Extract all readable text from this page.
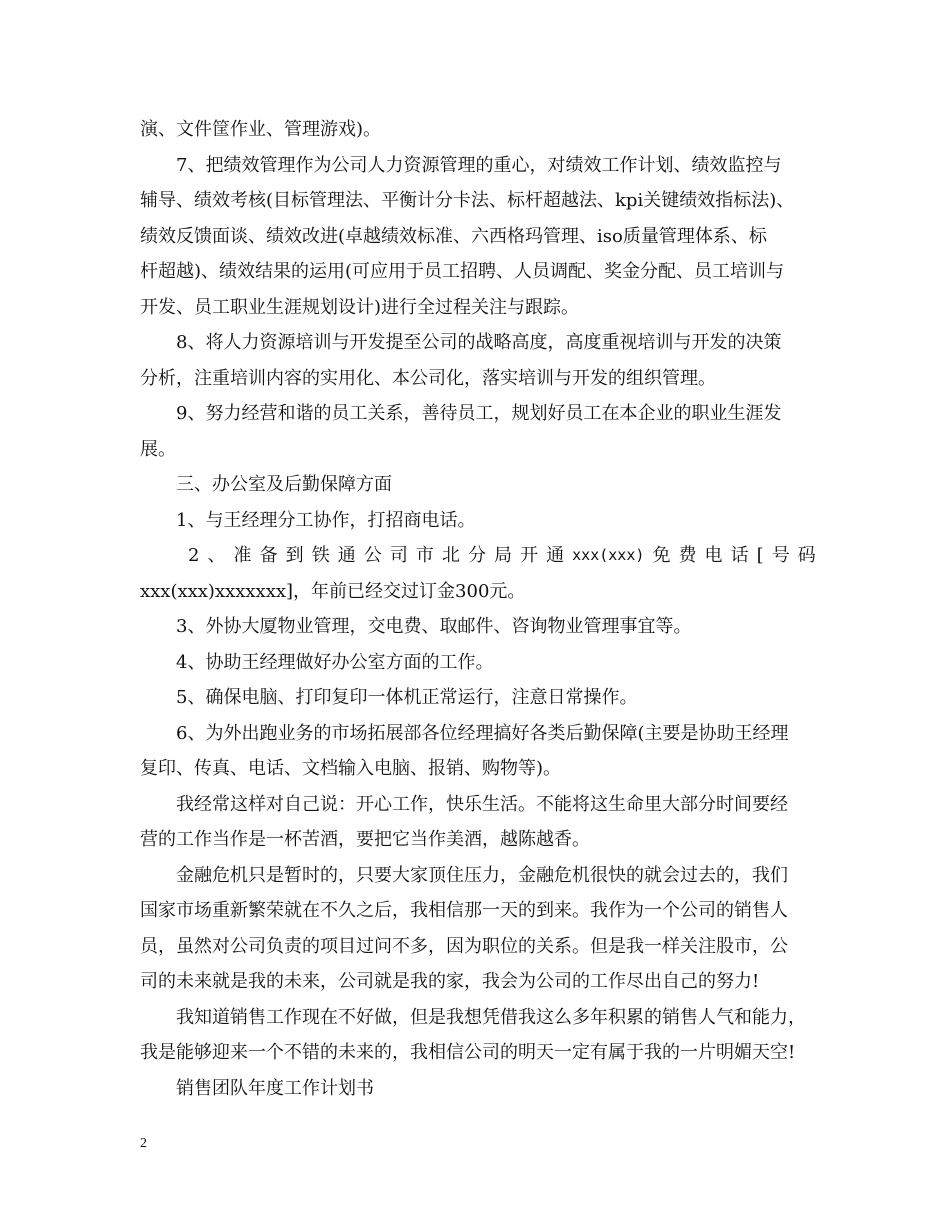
演、文件筐作业、管理游戏)。
7、把绩效管理作为公司人力资源管理的重心，对绩效工作计划、绩效监控与
辅导、绩效考核(目标管理法、平衡计分卡法、标杆超越法、kpi关键绩效指标法)、
绩效反馈面谈、绩效改进(卓越绩效标准、六西格玛管理、iso质量管理体系、标
杆超越)、绩效结果的运用(可应用于员工招聘、人员调配、奖金分配、员工培训与
开发、员工职业生涯规划设计)进行全过程关注与跟踪。
8、将人力资源培训与开发提至公司的战略高度，高度重视培训与开发的决策
分析，注重培训内容的实用化、本公司化，落实培训与开发的组织管理。
9、努力经营和谐的员工关系，善待员工，规划好员工在本企业的职业生涯发
展。
三、办公室及后勤保障方面
1、与王经理分工协作，打招商电话。
2 、 准 备 到 铁 通 公 司 市 北 分 局 开 通 xxx(xxx) 免 费 电 话 [ 号 码
xxx(xxx)xxxxxxx]，年前已经交过订金300元。
3、外协大厦物业管理，交电费、取邮件、咨询物业管理事宜等。
4、协助王经理做好办公室方面的工作。
5、确保电脑、打印复印一体机正常运行，注意日常操作。
6、为外出跑业务的市场拓展部各位经理搞好各类后勤保障(主要是协助王经理
复印、传真、电话、文档输入电脑、报销、购物等)。
我经常这样对自己说：开心工作，快乐生活。不能将这生命里大部分时间要经
营的工作当作是一杯苦酒，要把它当作美酒，越陈越香。
金融危机只是暂时的，只要大家顶住压力，金融危机很快的就会过去的，我们
国家市场重新繁荣就在不久之后，我相信那一天的到来。我作为一个公司的销售人
员，虽然对公司负责的项目过问不多，因为职位的关系。但是我一样关注股市，公
司的未来就是我的未来，公司就是我的家，我会为公司的工作尽出自己的努力!
我知道销售工作现在不好做，但是我想凭借我这么多年积累的销售人气和能力，
我是能够迎来一个不错的未来的，我相信公司的明天一定有属于我的一片明媚天空!
销售团队年度工作计划书
2
